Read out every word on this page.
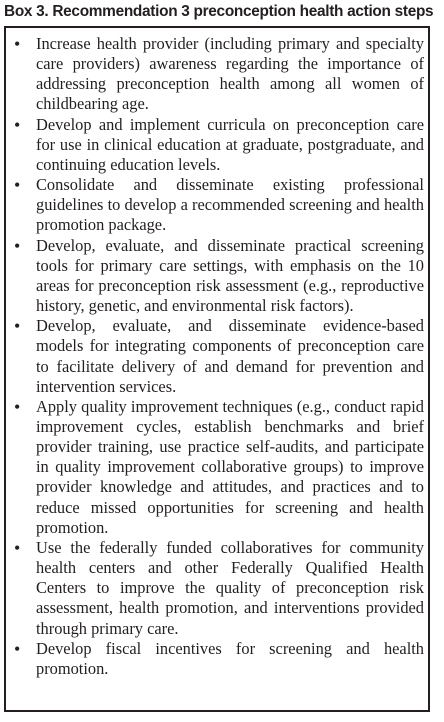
Box 3. Recommendation 3 preconception health action steps
• Increase health provider (including primary and specialty care providers) awareness regarding the importance of addressing preconception health among all women of childbearing age.
• Develop and implement curricula on preconception care for use in clinical education at graduate, postgraduate, and continuing education levels.
• Consolidate and disseminate existing professional guidelines to develop a recommended screening and health promotion package.
• Develop, evaluate, and disseminate practical screening tools for primary care settings, with emphasis on the 10 areas for preconception risk assessment (e.g., reproductive history, genetic, and environmental risk factors).
• Develop, evaluate, and disseminate evidence-based models for integrating components of preconception care to facilitate delivery of and demand for prevention and intervention services.
• Apply quality improvement techniques (e.g., conduct rapid improvement cycles, establish benchmarks and brief provider training, use practice self-audits, and participate in quality improvement collaborative groups) to improve provider knowledge and attitudes, and practices and to reduce missed opportunities for screening and health promotion.
• Use the federally funded collaboratives for community health centers and other Federally Qualified Health Centers to improve the quality of preconception risk assessment, health promotion, and interventions provided through primary care.
• Develop fiscal incentives for screening and health promotion.
